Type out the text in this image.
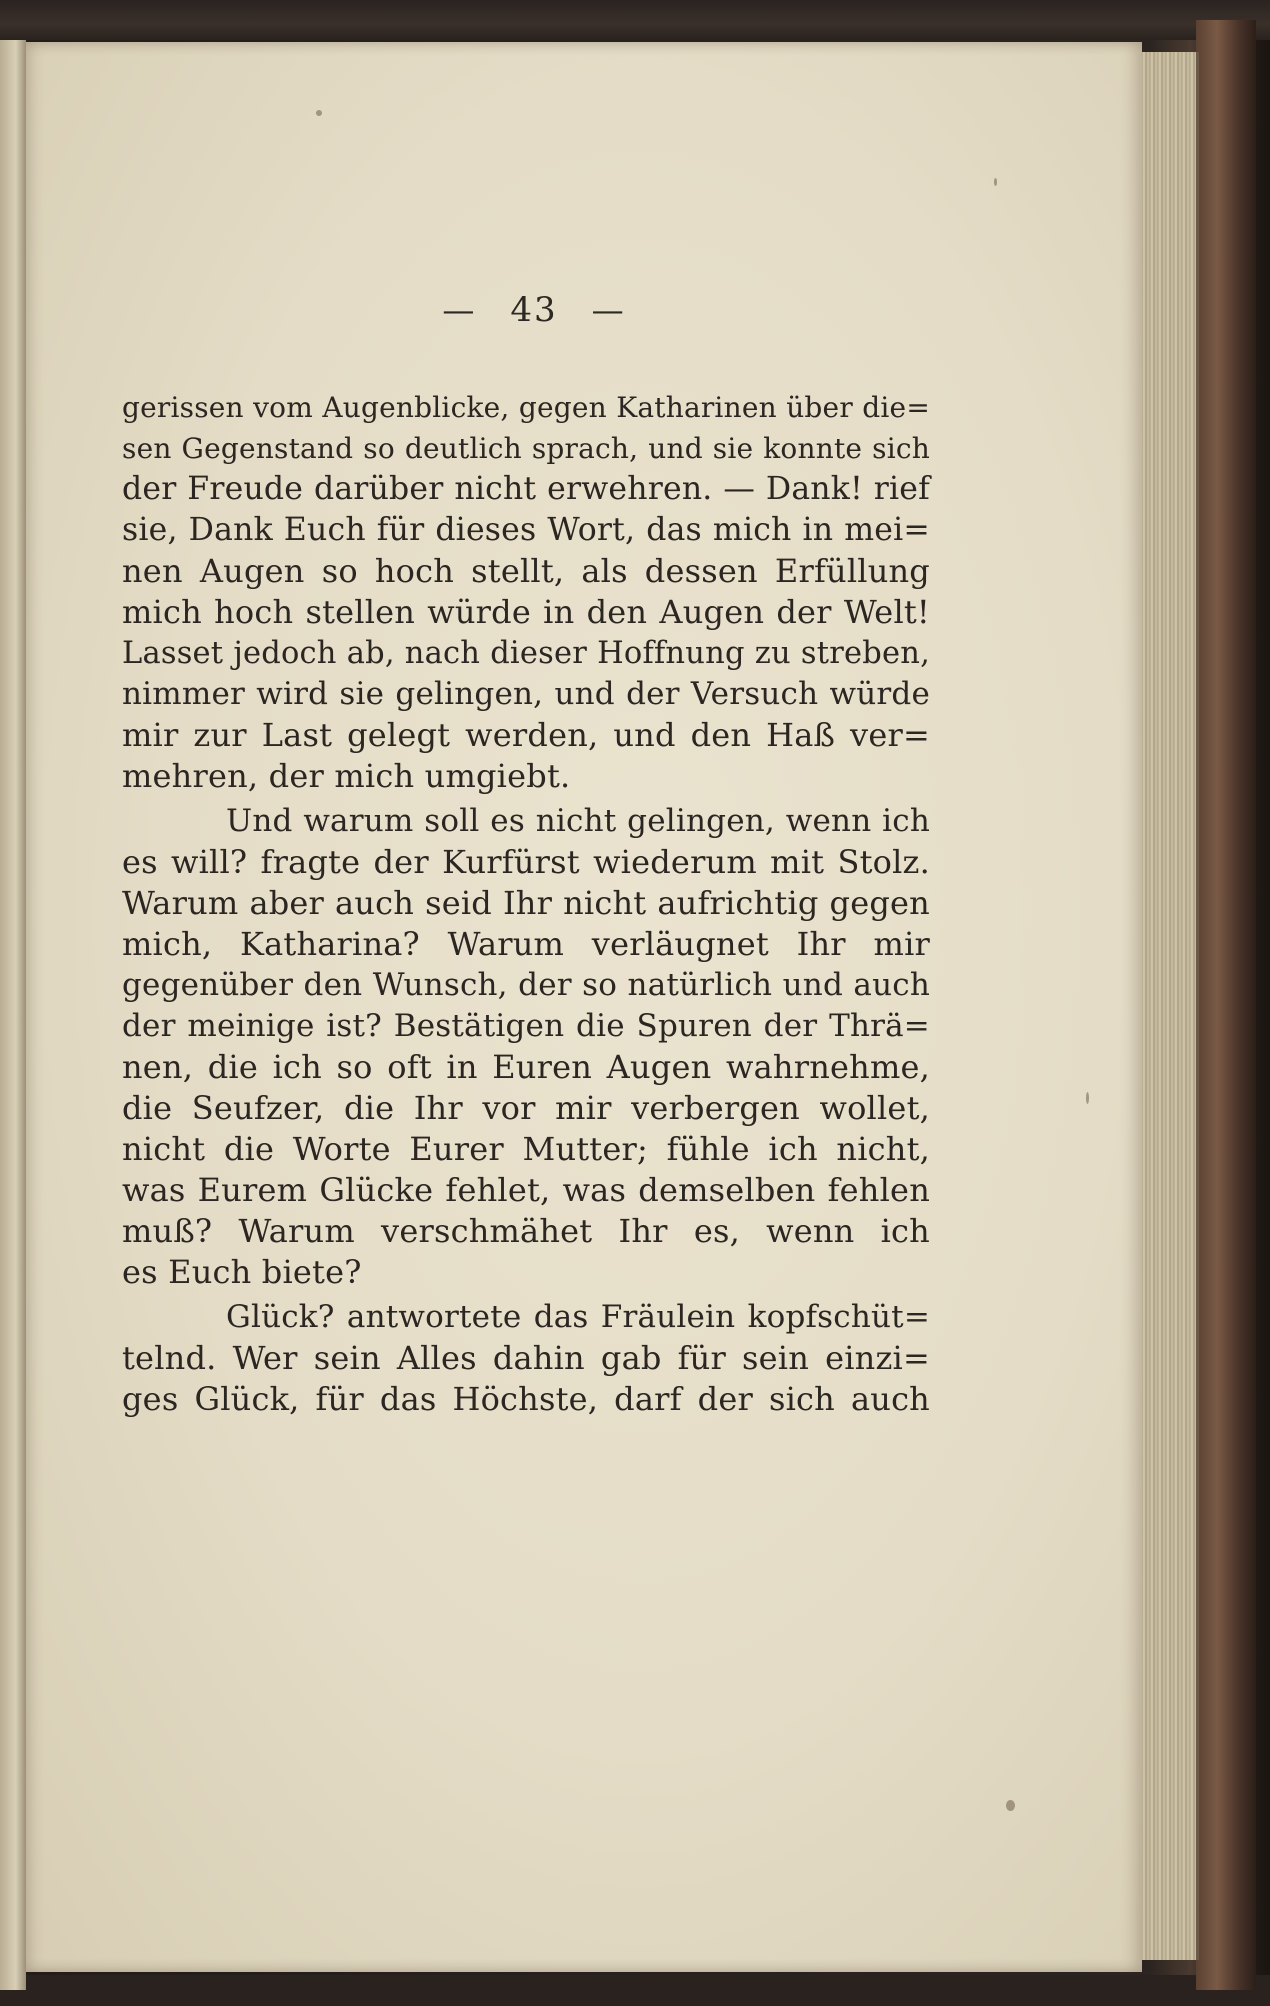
— 43 —
gerissen vom Augenblicke, gegen Katharinen über die=
sen Gegenstand so deutlich sprach, und sie konnte sich
der Freude darüber nicht erwehren. — Dank! rief
sie, Dank Euch für dieses Wort, das mich in mei=
nen Augen so hoch stellt, als dessen Erfüllung
mich hoch stellen würde in den Augen der Welt!
Lasset jedoch ab, nach dieser Hoffnung zu streben,
nimmer wird sie gelingen, und der Versuch würde
mir zur Last gelegt werden, und den Haß ver=
mehren, der mich umgiebt.
Und warum soll es nicht gelingen, wenn ich
es will? fragte der Kurfürst wiederum mit Stolz.
Warum aber auch seid Ihr nicht aufrichtig gegen
mich, Katharina? Warum verläugnet Ihr mir
gegenüber den Wunsch, der so natürlich und auch
der meinige ist? Bestätigen die Spuren der Thrä=
nen, die ich so oft in Euren Augen wahrnehme,
die Seufzer, die Ihr vor mir verbergen wollet,
nicht die Worte Eurer Mutter; fühle ich nicht,
was Eurem Glücke fehlet, was demselben fehlen
muß? Warum verschmähet Ihr es, wenn ich
es Euch biete?
Glück? antwortete das Fräulein kopfschüt=
telnd. Wer sein Alles dahin gab für sein einzi=
ges Glück, für das Höchste, darf der sich auch
